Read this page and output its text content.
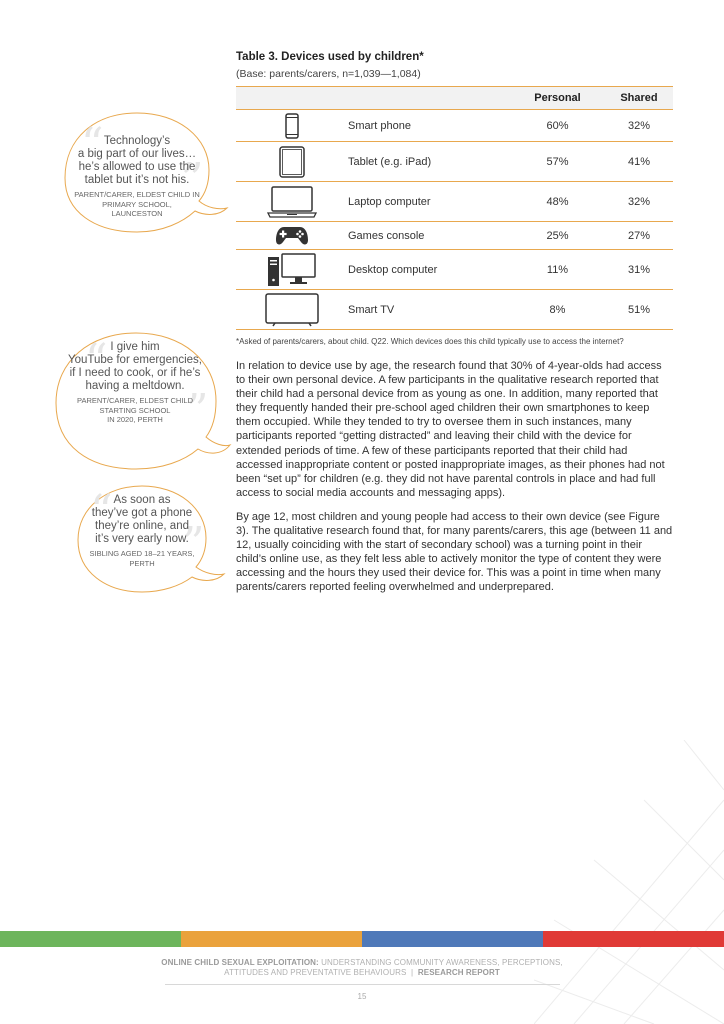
Table 3. Devices used by children*

(Base: parents/carers, n=1,039—1,084)

		Personal	Shared

	Smart phone	60%	32%

	Tablet (e.g. iPad)	57%	41%

	Laptop computer	48%	32%

	Games console	25%	27%

	Desktop computer	11%	31%

	Smart TV	8%	51%
*Asked of parents/carers, about child. Q22. Which devices does this child typically use to access the internet?

In relation to device use by age, the research found that 30% of 4-year-olds had access to their own personal device. A few participants in the qualitative research reported that their child had a personal device from as young as one. In addition, many reported that they frequently handed their pre-school aged children their own smartphones to keep them occupied. While they tended to try to oversee them in such instances, many participants reported “getting distracted” and leaving their child with the device for extended periods of time. A few of these participants reported that their child had accessed inappropriate content or posted inappropriate images, as their phones had not been “set up” for children (e.g. they did not have parental controls in place and had full access to social media accounts and messaging apps).

By age 12, most children and young people had access to their own device (see Figure 3). The qualitative research found that, for many parents/carers, this age (between 11 and 12, usually coinciding with the start of secondary school) was a turning point in their child’s online use, as they felt less able to actively monitor the type of content they were accessing and the hours they used their device for. This was a point in time when many parents/carers reported feeling overwhelmed and underprepared.

“
”
Technology’s
a big part of our lives…
he’s allowed to use the
tablet but it’s not his.
PARENT/CARER, ELDEST CHILD IN
PRIMARY SCHOOL,
LAUNCESTON
“
”
I give him
YouTube for emergencies,
if I need to cook, or if he’s
having a meltdown.
PARENT/CARER, ELDEST CHILD
STARTING SCHOOL
IN 2020, PERTH
“
”
As soon as
they’ve got a phone
they’re online, and
it’s very early now.
SIBLING AGED 18–21 YEARS,
PERTH
ONLINE CHILD SEXUAL EXPLOITATION: UNDERSTANDING COMMUNITY AWARENESS, PERCEPTIONS,
ATTITUDES AND PREVENTATIVE BEHAVIOURS | RESEARCH REPORT
15
